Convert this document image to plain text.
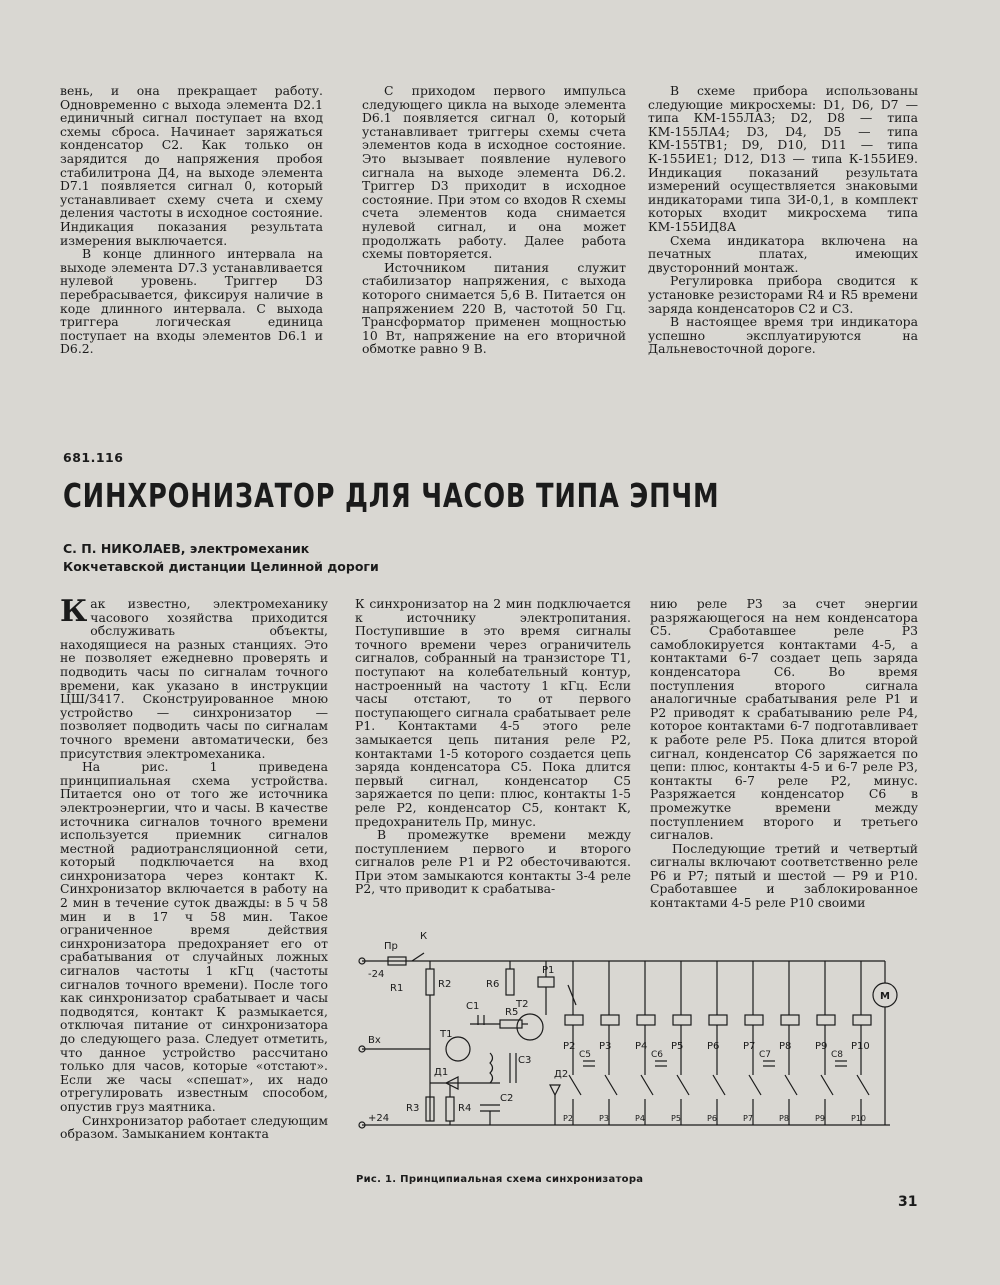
вень, и она прекращает работу. Одновременно с выхода элемента D2.1 единичный сигнал поступает на вход схемы сброса. Начинает заряжаться конденсатор С2. Как только он зарядится до напряжения пробоя стабилитрона Д4, на выходе элемента D7.1 появляется сигнал 0, который устанавливает схему счета и схему деления частоты в исходное состояние. Индикация показания результата измерения выключается.

В конце длинного интервала на выходе элемента D7.3 устанавливается нулевой уровень. Триггер D3 перебрасывается, фиксируя наличие в коде длинного интервала. С выхода триггера логическая единица поступает на входы элементов D6.1 и D6.2.

С приходом первого импульса следующего цикла на выходе элемента D6.1 появляется сигнал 0, который устанавливает триггеры схемы счета элементов кода в исходное состояние. Это вызывает появление нулевого сигнала на выходе элемента D6.2. Триггер D3 приходит в исходное состояние. При этом со входов R схемы счета элементов кода снимается нулевой сигнал, и она может продолжать работу. Далее работа схемы повторяется.

Источником питания служит стабилизатор напряжения, с выхода которого снимается 5,6 В. Питается он напряжением 220 В, частотой 50 Гц. Трансформатор применен мощностью 10 Вт, напряжение на его вторичной обмотке равно 9 В.

В схеме прибора использованы следующие микросхемы: D1, D6, D7 — типа КМ-155ЛА3; D2, D8 — типа КМ-155ЛА4; D3, D4, D5 — типа КМ-155ТВ1; D9, D10, D11 — типа К-155ИЕ1; D12, D13 — типа К-155ИЕ9. Индикация показаний результата измерений осуществляется знаковыми индикаторами типа ЗИ-0,1, в комплект которых входит микросхема типа КМ-155ИД8А

Схема индикатора включена на печатных платах, имеющих двусторонний монтаж.

Регулировка прибора сводится к установке резисторами R4 и R5 времени заряда конденсаторов С2 и С3.

В настоящее время три индикатора успешно эксплуатируются на Дальневосточной дороге.

681.116
СИНХРОНИЗАТОР ДЛЯ ЧАСОВ ТИПА ЭПЧМ
С. П. НИКОЛАЕВ, электромеханик
Кокчетавской дистанции Целинной дороги

Как известно, электромеханику часового хозяйства приходится обслуживать объекты, находящиеся на разных станциях. Это не позволяет ежедневно проверять и подводить часы по сигналам точного времени, как указано в инструкции ЦШ/3417. Сконструированное мною устройство — синхронизатор — позволяет подводить часы по сигналам точного времени автоматически, без присутствия электромеханика.

На рис. 1 приведена принципиальная схема устройства. Питается оно от того же источника электроэнергии, что и часы. В качестве источника сигналов точного времени используется приемник сигналов местной радиотрансляционной сети, который подключается на вход синхронизатора через контакт К. Синхронизатор включается в работу на 2 мин в течение суток дважды: в 5 ч 58 мин и в 17 ч 58 мин. Такое ограниченное время действия синхронизатора предохраняет его от срабатывания от случайных ложных сигналов частоты 1 кГц (частоты сигналов точного времени). После того как синхронизатор срабатывает и часы подводятся, контакт К размыкается, отключая питание от синхронизатора до следующего раза. Следует отметить, что данное устройство рассчитано только для часов, которые «отстают». Если же часы «спешат», их надо отрегулировать известным способом, опустив груз маятника.

Синхронизатор работает следующим образом. Замыканием контакта

К синхронизатор на 2 мин подключается к источнику электропитания. Поступившие в это время сигналы точного времени через ограничитель сигналов, собранный на транзисторе Т1, поступают на колебательный контур, настроенный на частоту 1 кГц. Если часы отстают, то от первого поступающего сигнала срабатывает реле Р1. Контактами 4-5 этого реле замыкается цепь питания реле Р2, контактами 1-5 которого создается цепь заряда конденсатора С5. Пока длится первый сигнал, конденсатор С5 заряжается по цепи: плюс, контакты 1-5 реле Р2, конденсатор С5, контакт К, предохранитель Пр, минус.

В промежутке времени между поступлением первого и второго сигналов реле Р1 и Р2 обесточиваются. При этом замыкаются контакты 3-4 реле Р2, что приводит к срабатыва-

нию реле Р3 за счет энергии разряжающегося на нем конденсатора С5. Сработавшее реле Р3 самоблокируется контактами 4-5, а контактами 6-7 создает цепь заряда конденсатора С6. Во время поступления второго сигнала аналогичные срабатывания реле Р1 и Р2 приводят к срабатыванию реле Р4, которое контактами 6-7 подготавливает к работе реле Р5. Пока длится второй сигнал, конденсатор С6 заряжается по цепи: плюс, контакты 4-5 и 6-7 реле Р3, контакты 6-7 реле Р2, минус. Разряжается конденсатор С6 в промежутке времени между поступлением второго и третьего сигналов.

Последующие третий и четвертый сигналы включают соответственно реле Р6 и Р7; пятый и шестой — Р9 и Р10. Сработавшее и заблокированное контактами 4-5 реле Р10 своими

Пр
К
-24
Вх
+24
R2
R1
R3	R4
Т1
Д1
С1
R5
R6
С3
С2
Т2
Р1
Д2
Р2
Р2
Р3
Р3
Р4
Р4
Р5
Р5
Р6
Р6
Р7
Р7
Р8
Р8
Р9
Р9
Р10
Р10
С5	С6	С7	С8
М
Рис. 1. Принципиальная схема синхронизатора
31
